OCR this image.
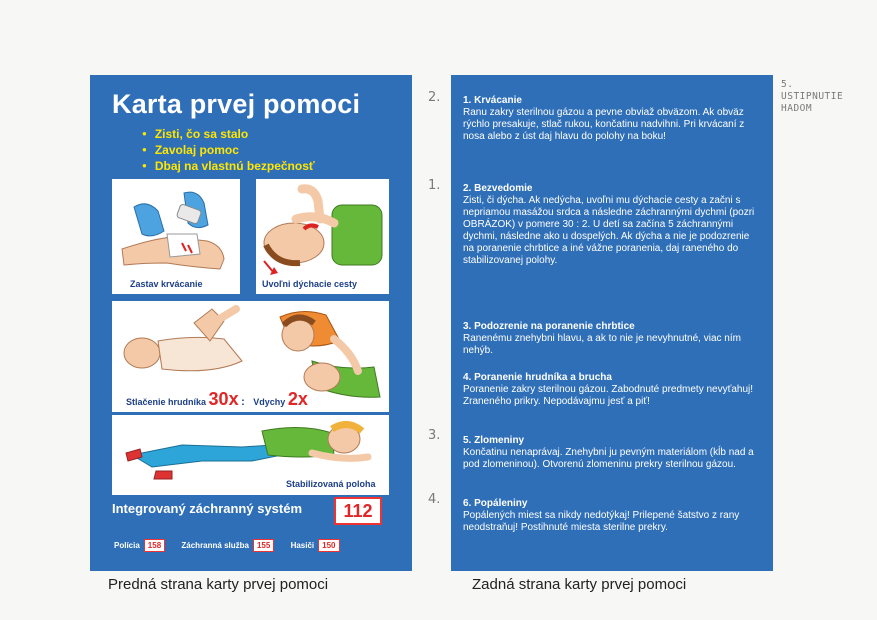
Karta prvej pomoci
● Zisti, čo sa stalo
● Zavolaj pomoc
● Dbaj na vlastnú bezpečnosť
Zastav krvácanie	Uvoľni dýchacie cesty
Stlačenie hrudníka 30x : Vdychy 2x
Stabilizovaná poloha
Integrovaný záchranný systém	112
Polícia 158	Záchranná služba 155	Hasiči 150
Predná strana karty prvej pomoci
1. Krvácanie
Ranu zakry sterilnou gázou a pevne obviaž obväzom. Ak obväz rýchlo presakuje, stlač rukou, končatinu nadvihni. Pri krvácaní z nosa alebo z úst daj hlavu do polohy na boku!
2. Bezvedomie
Zisti, či dýcha. Ak nedýcha, uvoľni mu dýchacie cesty a začni s nepriamou masážou srdca a následne záchrannými dychmi (pozri OBRÁZOK) v pomere 30 : 2. U detí sa začína 5 záchrannými dychmi, následne ako u dospelých. Ak dýcha a nie je podozrenie na poranenie chrbtice a iné vážne poranenia, daj raneného do stabilizovanej polohy.
3. Podozrenie na poranenie chrbtice
Ranenému znehybni hlavu, a ak to nie je nevyhnutné, viac ním nehýb.
4. Poranenie hrudníka a brucha
Poranenie zakry sterilnou gázou. Zabodnuté predmety nevyťahuj! Zraneného prikry. Nepodávajmu jesť a piť!
5. Zlomeniny
Končatinu nenaprávaj. Znehybni ju pevným materiálom (kĺb nad a pod zlomeninou). Otvorenú zlomeninu prekry sterilnou gázou.
6. Popáleniny
Popálených miest sa nikdy nedotýkaj! Prilepené šatstvo z rany neodstraňuj! Postihnuté miesta sterilne prekry.
Zadná strana karty prvej pomoci
2.
1.
3.
4.
5.
USTIPNUTIE
HADOM
